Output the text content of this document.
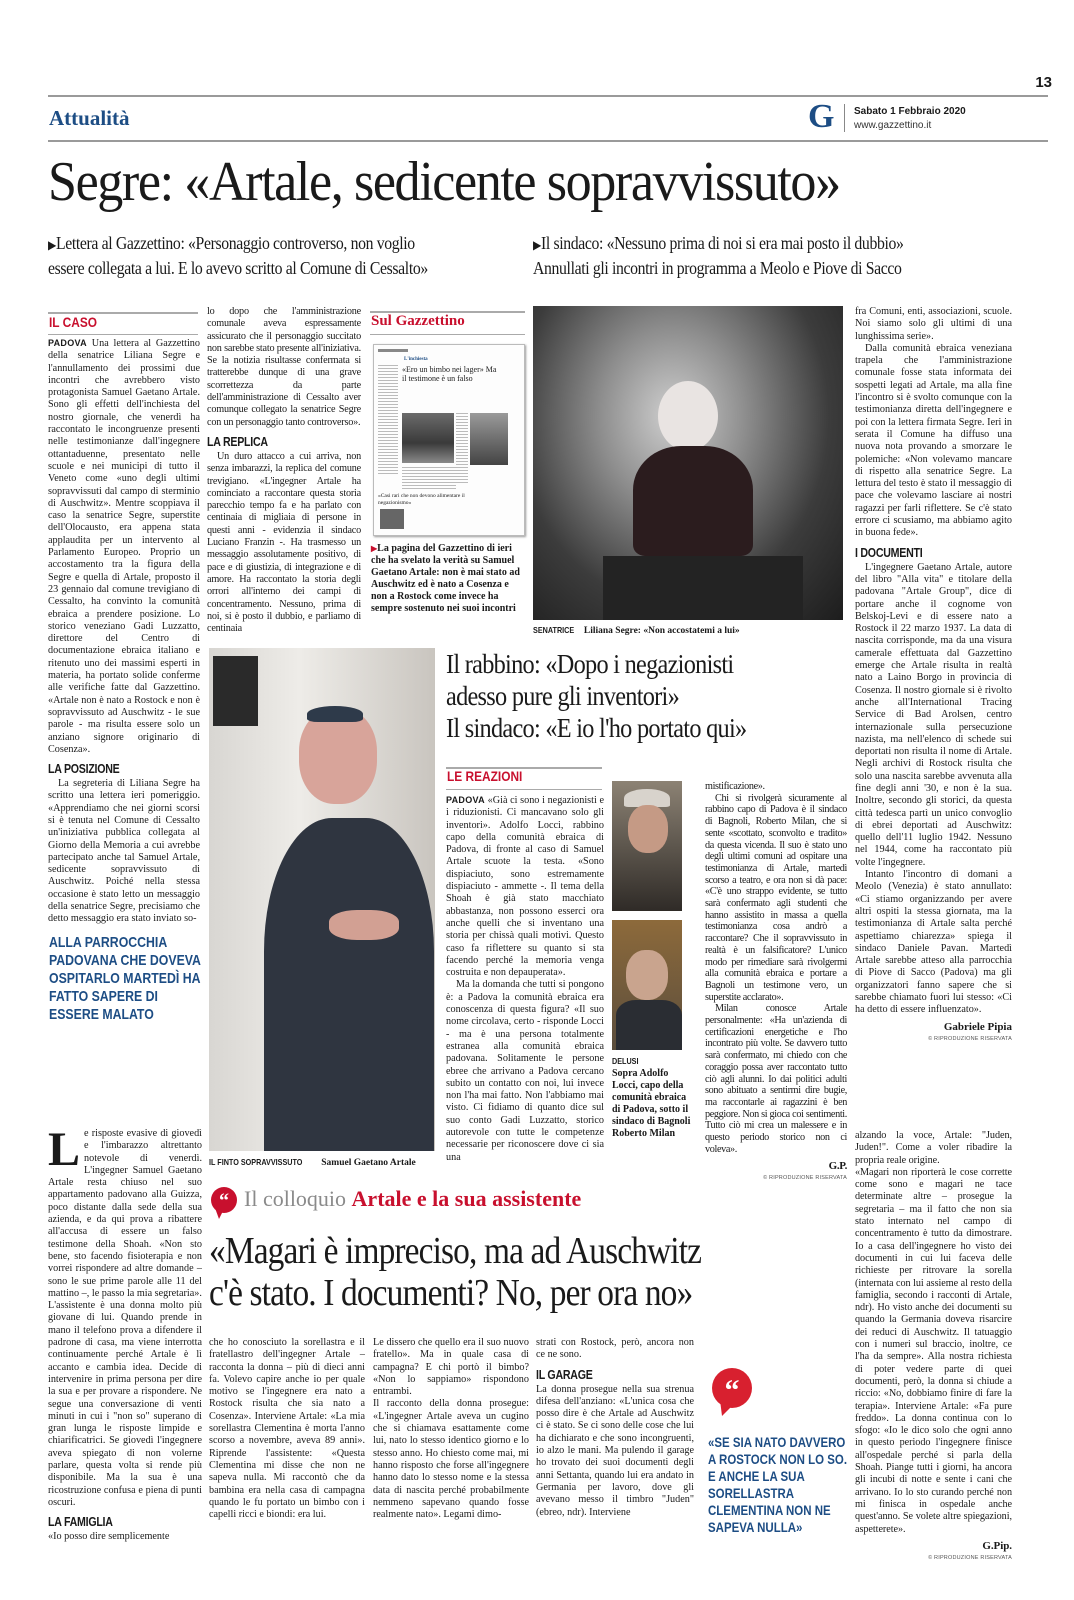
13
Attualità	G Sabato 1 Febbraio 2020
www.gazzettino.it
Segre: «Artale, sedicente sopravvissuto»
▶Lettera al Gazzettino: «Personaggio controverso, non voglio
essere collegata a lui. E lo avevo scritto al Comune di Cessalto»
▶Il sindaco: «Nessuno prima di noi si era mai posto il dubbio»
Annullati gli incontri in programma a Meolo e Piove di Sacco
IL CASO

PADOVA Una lettera al Gazzettino della senatrice Liliana Segre e l'annullamento dei prossimi due incontri che avrebbero visto protagonista Samuel Gaetano Artale. Sono gli effetti dell'inchiesta del nostro giornale, che venerdì ha raccontato le incongruenze presenti nelle testimonianze dall'ingegnere ottantaduenne, presentato nelle scuole e nei municipi di tutto il Veneto come «uno degli ultimi sopravvissuti dal campo di sterminio di Auschwitz». Mentre scoppiava il caso la senatrice Segre, superstite dell'Olocausto, era appena stata applaudita per un intervento al Parlamento Europeo. Proprio un accostamento tra la figura della Segre e quella di Artale, proposto il 23 gennaio dal comune trevigiano di Cessalto, ha convinto la comunità ebraica a prendere posizione. Lo storico veneziano Gadi Luzzatto, direttore del Centro di documentazione ebraica italiano e ritenuto uno dei massimi esperti in materia, ha portato solide conferme alle verifiche fatte dal Gazzettino. «Artale non è nato a Rostock e non è sopravvissuto ad Auschwitz - le sue parole - ma risulta essere solo un anziano signore originario di Cosenza».

LA POSIZIONE

La segreteria di Liliana Segre ha scritto una lettera ieri pomeriggio. «Apprendiamo che nei giorni scorsi si è tenuta nel Comune di Cessalto un'iniziativa pubblica collegata al Giorno della Memoria a cui avrebbe partecipato anche tal Samuel Artale, sedicente sopravvissuto di Auschwitz. Poiché nella stessa occasione è stato letto un messaggio della senatrice Segre, precisiamo che detto messaggio era stato inviato so-

ALLA PARROCCHIA PADOVANA CHE DOVEVA OSPITARLO MARTEDÌ HA FATTO SAPERE DI ESSERE MALATO

lo dopo che l'amministrazione comunale aveva espressamente assicurato che il personaggio succitato non sarebbe stato presente all'iniziativa. Se la notizia risultasse confermata si tratterebbe dunque di una grave scorrettezza da parte dell'amministrazione di Cessalto aver comunque collegato la senatrice Segre con un personaggio tanto controverso».

LA REPLICA

Un duro attacco a cui arriva, non senza imbarazzi, la replica del comune trevigiano. «L'ingegner Artale ha cominciato a raccontare questa storia parecchio tempo fa e ha parlato con centinaia di migliaia di persone in questi anni - evidenzia il sindaco Luciano Franzin -. Ha trasmesso un messaggio assolutamente positivo, di pace e di giustizia, di integrazione e di amore. Ha raccontato la storia degli orrori all'interno dei campi di concentramento. Nessuno, prima di noi, si è posto il dubbio, e parliamo di centinaia

Sul Gazzettino
L'inchiesta
«Ero un bimbo nei lager» Ma il testimone è un falso
«Casi rari che non devono alimentare il negazionismo»
▶La pagina del Gazzettino di ieri che ha svelato la verità su Samuel Gaetano Artale: non è mai stato ad Auschwitz ed è nato a Cosenza e non a Rostock come invece ha sempre sostenuto nei suoi incontri
SENATRICE Liliana Segre: «Non accostatemi a lui»
IL FINTO SOPRAVVISSUTO Samuel Gaetano Artale
Il rabbino: «Dopo i negazionisti
adesso pure gli inventori»
Il sindaco: «E io l'ho portato qui»
LE REAZIONI

PADOVA «Già ci sono i negazionisti e i riduzionisti. Ci mancavano solo gli inventori». Adolfo Locci, rabbino capo della comunità ebraica di Padova, di fronte al caso di Samuel Artale scuote la testa. «Sono dispiaciuto, sono estremamente dispiaciuto - ammette -. Il tema della Shoah è già stato macchiato abbastanza, non possono esserci ora anche quelli che si inventano una storia per chissà quali motivi. Questo caso fa riflettere su quanto si sta facendo perché la memoria venga costruita e non depauperata».

Ma la domanda che tutti si pongono è: a Padova la comunità ebraica era conoscenza di questa figura? «Il suo nome circolava, certo - risponde Locci - ma è una persona totalmente estranea alla comunità ebraica padovana. Solitamente le persone ebree che arrivano a Padova cercano subito un contatto con noi, lui invece non l'ha mai fatto. Non l'abbiamo mai visto. Ci fidiamo di quanto dice sul suo conto Gadi Luzzatto, storico autorevole con tutte le competenze necessarie per riconoscere dove ci sia una

DELUSI
Sopra Adolfo Locci, capo della comunità ebraica di Padova, sotto il sindaco di Bagnoli Roberto Milan

mistificazione».

Chi si rivolgerà sicuramente al rabbino capo di Padova è il sindaco di Bagnoli, Roberto Milan, che si sente «scottato, sconvolto e tradito» da questa vicenda. Il suo è stato uno degli ultimi comuni ad ospitare una testimonianza di Artale, martedì scorso a teatro, e ora non si dà pace: «C'è uno strappo evidente, se tutto sarà confermato agli studenti che hanno assistito in massa a quella testimonianza cosa andrò a raccontare? Che il sopravvissuto in realtà è un falsificatore? L'unico modo per rimediare sarà rivolgermi alla comunità ebraica e portare a Bagnoli un testimone vero, un superstite acclarato».

Milan conosce Artale personalmente: «Ha un'azienda di certificazioni energetiche e l'ho incontrato più volte. Se davvero tutto sarà confermato, mi chiedo con che coraggio possa aver raccontato tutto ciò agli alunni. Io dai politici adulti sono abituato a sentirmi dire bugie, ma raccontarle ai ragazzini è ben peggiore. Non si gioca coi sentimenti. Tutto ciò mi crea un malessere e in questo periodo storico non ci voleva».

G.P.
© RIPRODUZIONE RISERVATA

fra Comuni, enti, associazioni, scuole. Noi siamo solo gli ultimi di una lunghissima serie».

Dalla comunità ebraica veneziana trapela che l'amministrazione comunale fosse stata informata dei sospetti legati ad Artale, ma alla fine l'incontro si è svolto comunque con la testimonianza diretta dell'ingegnere e poi con la lettera firmata Segre. Ieri in serata il Comune ha diffuso una nuova nota provando a smorzare le polemiche: «Non volevamo mancare di rispetto alla senatrice Segre. La lettura del testo è stato il messaggio di pace che volevamo lasciare ai nostri ragazzi per farli riflettere. Se c'è stato errore ci scusiamo, ma abbiamo agito in buona fede».

I DOCUMENTI

L'ingegnere Gaetano Artale, autore del libro "Alla vita" e titolare della padovana "Artale Group", dice di portare anche il cognome von Belskoj-Levi e di essere nato a Rostock il 22 marzo 1937. La data di nascita corrisponde, ma da una visura camerale effettuata dal Gazzettino emerge che Artale risulta in realtà nato a Laino Borgo in provincia di Cosenza. Il nostro giornale si è rivolto anche all'International Tracing Service di Bad Arolsen, centro internazionale sulla persecuzione nazista, ma nell'elenco di schede sui deportati non risulta il nome di Artale. Negli archivi di Rostock risulta che solo una nascita sarebbe avvenuta alla fine degli anni '30, e non è la sua. Inoltre, secondo gli storici, da questa città tedesca partì un unico convoglio di ebrei deportati ad Auschwitz: quello dell'11 luglio 1942. Nessuno nel 1944, come ha raccontato più volte l'ingegnere.

Intanto l'incontro di domani a Meolo (Venezia) è stato annullato: «Ci stiamo organizzando per avere altri ospiti la stessa giornata, ma la testimonianza di Artale salta perché aspettiamo chiarezza» spiega il sindaco Daniele Pavan. Martedì Artale sarebbe atteso alla parrocchia di Piove di Sacco (Padova) ma gli organizzatori fanno sapere che si sarebbe chiamato fuori lui stesso: «Ci ha detto di essere influenzato».

Gabriele Pipia
© RIPRODUZIONE RISERVATA
“ Il colloquio Artale e la sua assistente
«Magari è impreciso, ma ad Auschwitz
c'è stato. I documenti? No, per ora no»
L e risposte evasive di giovedì e l'imbarazzo altrettanto notevole di venerdì. L'ingegner Samuel Gaetano Artale resta chiuso nel suo appartamento padovano alla Guizza, poco distante dalla sede della sua azienda, e da qui prova a ribattere all'accusa di essere un falso testimone della Shoah. «Non sto bene, sto facendo fisioterapia e non vorrei rispondere ad altre domande – sono le sue prime parole alle 11 del mattino –, le passo la mia segretaria».

L'assistente è una donna molto più giovane di lui. Quando prende in mano il telefono prova a difendere il padrone di casa, ma viene interrotta continuamente perché Artale è lì accanto e cambia idea. Decide di intervenire in prima persona per dire la sua e per provare a rispondere. Ne segue una conversazione di venti minuti in cui i "non so" superano di gran lunga le risposte limpide e chiarificatrici. Se giovedì l'ingegnere aveva spiegato di non volerne parlare, questa volta si rende più disponibile. Ma la sua è una ricostruzione confusa e piena di punti oscuri.

LA FAMIGLIA

«Io posso dire semplicemente

che ho conosciuto la sorellastra e il fratellastro dell'ingegner Artale – racconta la donna – più di dieci anni fa. Volevo capire anche io per quale motivo se l'ingegnere era nato a Rostock risulta che sia nato a Cosenza». Interviene Artale: «La mia sorellastra Clementina è morta l'anno scorso a novembre, aveva 89 anni». Riprende l'assistente: «Questa Clementina mi disse che non ne sapeva nulla. Mi raccontò che da bambina era nella casa di campagna quando le fu portato un bimbo con i capelli ricci e biondi: era lui.

Le dissero che quello era il suo nuovo fratello». Ma in quale casa di campagna? E chi portò il bimbo? «Non lo sappiamo» rispondono entrambi.

Il racconto della donna prosegue: «L'ingegner Artale aveva un cugino che si chiamava esattamente come lui, nato lo stesso identico giorno e lo stesso anno. Ho chiesto come mai, mi hanno risposto che forse all'ingegnere hanno dato lo stesso nome e la stessa data di nascita perché probabilmente nemmeno sapevano quando fosse realmente nato». Legami dimo-

strati con Rostock, però, ancora non ce ne sono.

IL GARAGE

La donna prosegue nella sua strenua difesa dell'anziano: «L'unica cosa che posso dire è che Artale ad Auschwitz ci è stato. Se ci sono delle cose che lui ha dichiarato e che sono incongruenti, io alzo le mani. Ma pulendo il garage ho trovato dei suoi documenti degli anni Settanta, quando lui era andato in Germania per lavoro, dove gli avevano messo il timbro "Juden" (ebreo, ndr). Interviene

“
«SE SIA NATO DAVVERO A ROSTOCK NON LO SO. E ANCHE LA SUA SORELLASTRA CLEMENTINA NON NE SAPEVA NULLA»

alzando la voce, Artale: "Juden, Juden!". Come a voler ribadire la propria reale origine.

«Magari non riporterà le cose corrette come sono e magari ne tace determinate altre – prosegue la segretaria – ma il fatto che non sia stato internato nel campo di concentramento è tutto da dimostrare. Io a casa dell'ingegnere ho visto dei documenti in cui lui faceva delle richieste per ritrovare la sorella (internata con lui assieme al resto della famiglia, secondo i racconti di Artale, ndr). Ho visto anche dei documenti su quando la Germania doveva risarcire dei reduci di Auschwitz. Il tatuaggio con i numeri sul braccio, inoltre, ce l'ha da sempre». Alla nostra richiesta di poter vedere parte di quei documenti, però, la donna si chiude a riccio: «No, dobbiamo finire di fare la terapia». Interviene Artale: «Fa pure freddo». La donna continua con lo sfogo: «Io le dico solo che ogni anno in questo periodo l'ingegnere finisce all'ospedale perché si parla della Shoah. Piange tutti i giorni, ha ancora gli incubi di notte e sente i cani che arrivano. Io lo sto curando perché non mi finisca in ospedale anche quest'anno. Se volete altre spiegazioni, aspetterete».

G.Pip.
© RIPRODUZIONE RISERVATA
